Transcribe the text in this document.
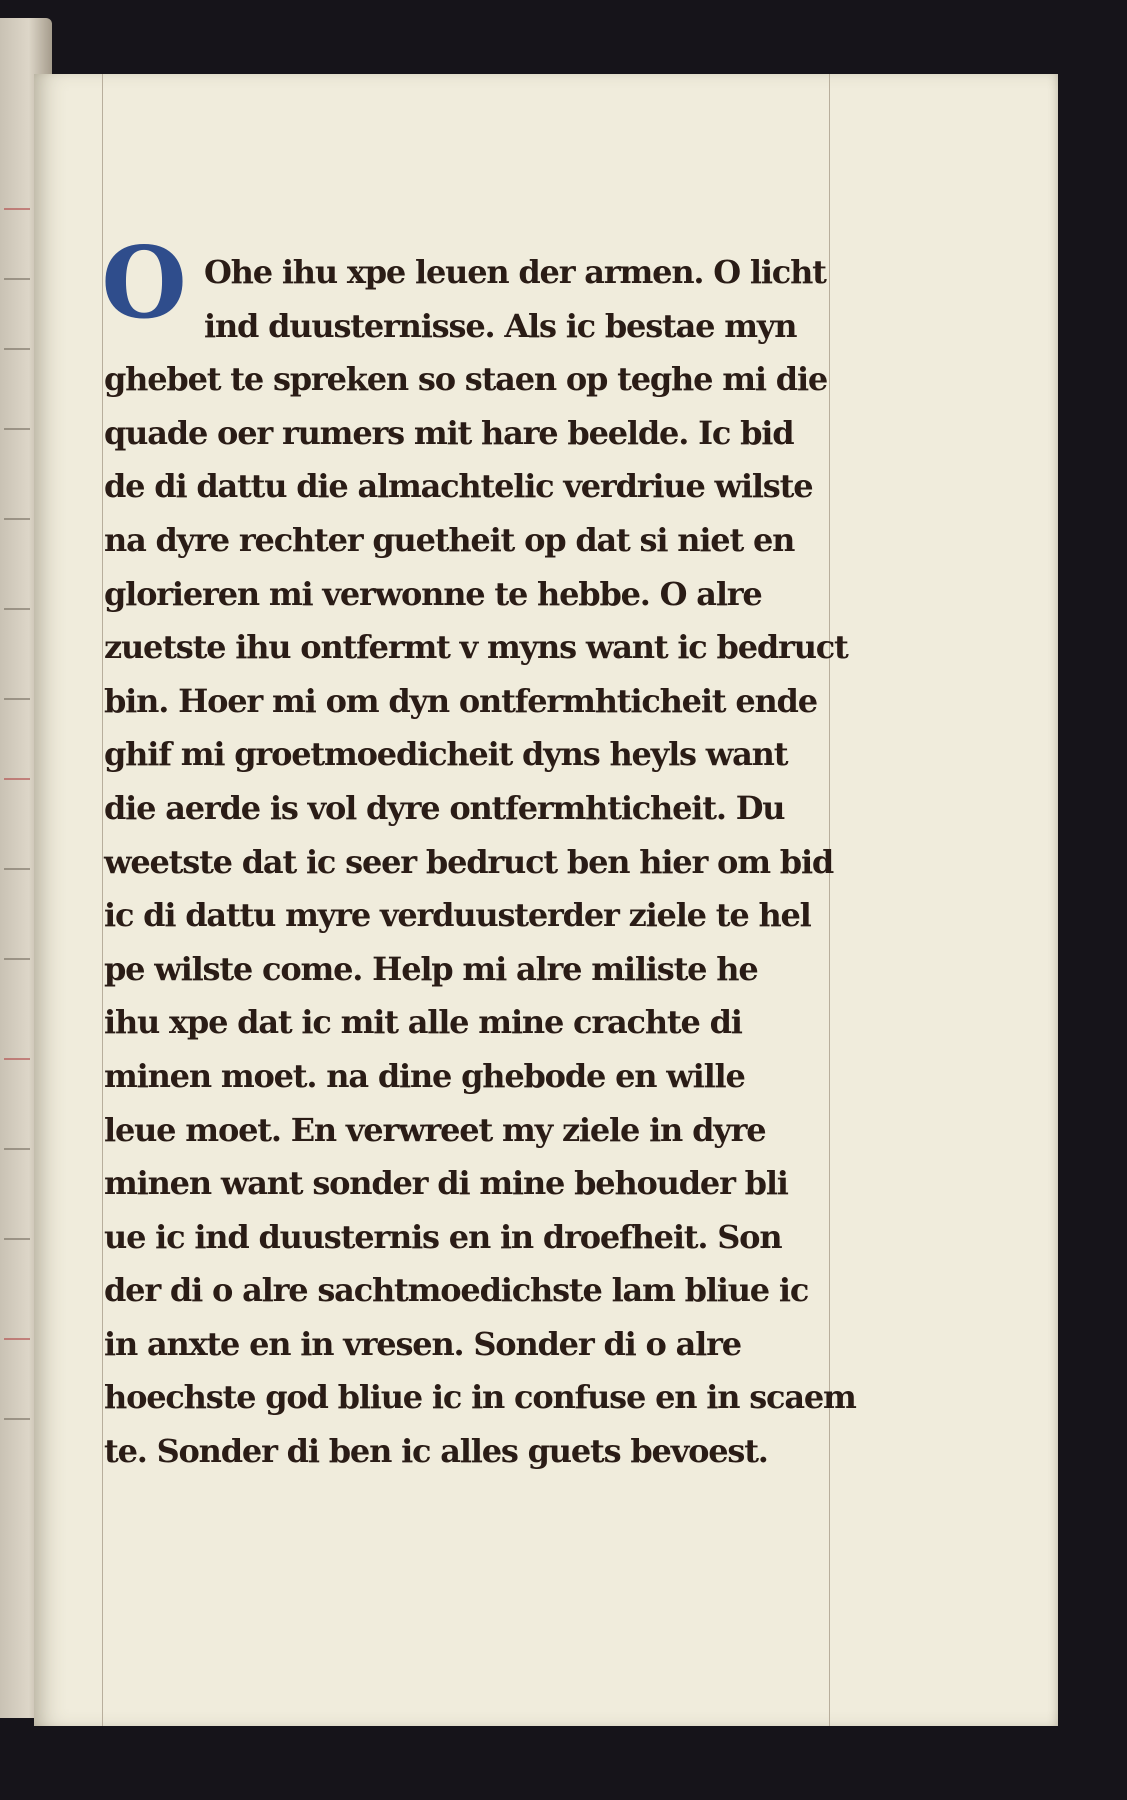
O Ohe ihu xpe leuen der armen. O licht
ind duusternisse. Als ic bestae myn
ghebet te spreken so staen op teghe mi die
quade oer rumers mit hare beelde. Ic bid
de di dattu die almachtelic verdriue wilste
na dyre rechter guetheit op dat si niet en
glorieren mi verwonne te hebbe. O alre
zuetste ihu ontfermt v myns want ic bedruct
bin. Hoer mi om dyn ontfermhticheit ende
ghif mi groetmoedicheit dyns heyls want
die aerde is vol dyre ontfermhticheit. Du
weetste dat ic seer bedruct ben hier om bid
ic di dattu myre verduusterder ziele te hel
pe wilste come. Help mi alre miliste he
ihu xpe dat ic mit alle mine crachte di
minen moet. na dine ghebode en wille
leue moet. En verwreet my ziele in dyre
minen want sonder di mine behouder bli
ue ic ind duusternis en in droefheit. Son
der di o alre sachtmoedichste lam bliue ic
in anxte en in vresen. Sonder di o alre
hoechste god bliue ic in confuse en in scaem
te. Sonder di ben ic alles guets bevoest.
